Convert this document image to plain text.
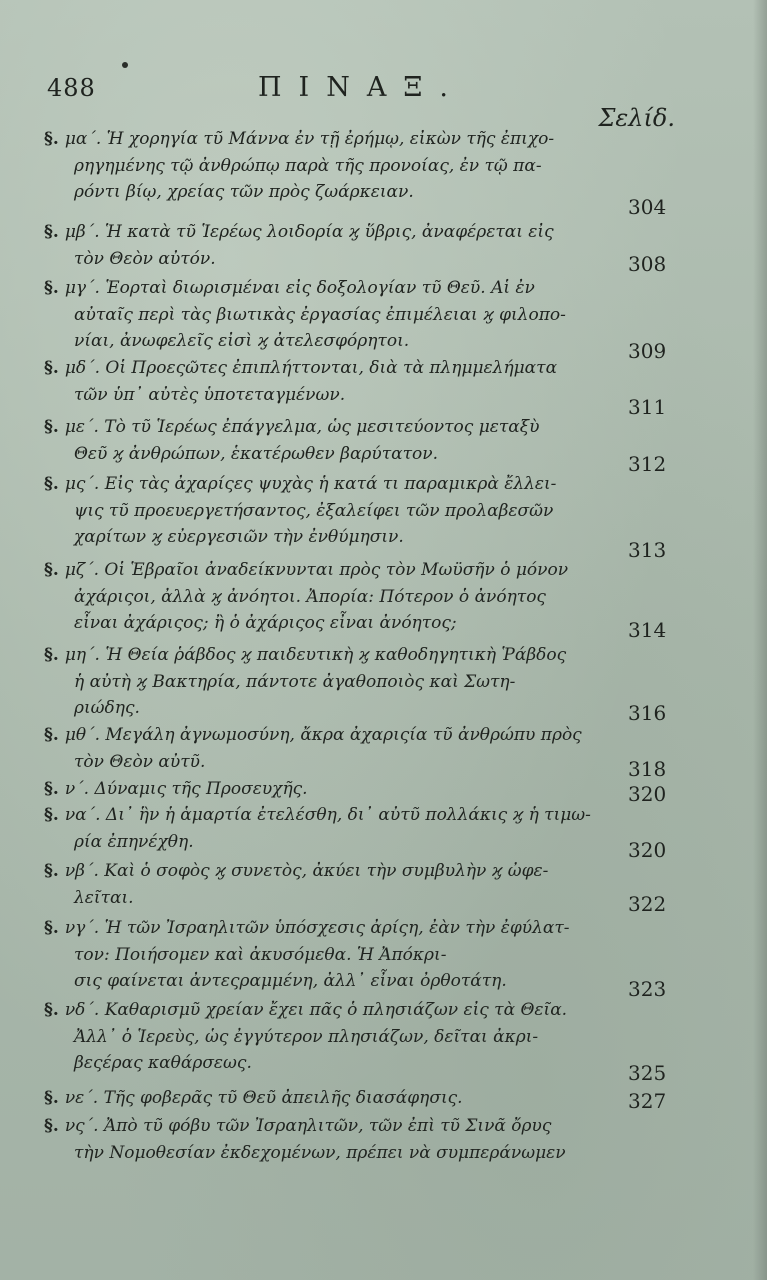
488	ΠΙΝΑΞ.
Σελίδ.
§. μα΄. Ἡ χορηγία τῦ Μάννα ἐν τῇ ἐρήμῳ, εἰκὼν τῆς ἐπιχο-
ρηγημένης τῷ ἀνθρώπῳ παρὰ τῆς προνοίας, ἐν τῷ πα-
ρόντι βίῳ, χρείας τῶν πρὸς ζωάρκειαν.
304
§. μβ΄. Ἡ κατὰ τῦ Ἱερέως λοιδορία ϗ ὕβρις, ἀναφέρεται εἰς
τὸν Θεὸν αὐτόν.	308
§. μγ΄. Ἑορταὶ διωρισμέναι εἰς δοξολογίαν τῦ Θεῦ. Αἱ ἐν
αὐταῖς περὶ τὰς βιωτικὰς ἐργασίας ἐπιμέλειαι ϗ φιλοπο-
νίαι, ἀνωφελεῖς εἰσὶ ϗ ἀτελεσφόρητοι.	309
§. μδ΄. Οἱ Προεςῶτες ἐπιπλήττονται, διὰ τὰ πλημμελήματα
τῶν ὑπ᾽ αὐτὲς ὑποτεταγμένων.
311
§. με΄. Τὸ τῦ Ἱερέως ἐπάγγελμα, ὡς μεσιτεύοντος μεταξὺ
Θεῦ ϗ ἀνθρώπων, ἑκατέρωθεν βαρύτατον.	312
§. μς΄. Εἰς τὰς ἀχαρίςες ψυχὰς ἡ κατά τι παραμικρὰ ἔλλει-
ψις τῦ προευεργετήσαντος, ἐξαλείφει τῶν προλαβεσῶν
χαρίτων ϗ εὐεργεσιῶν τὴν ἐνθύμησιν.
313
§. μζ΄. Οἱ Ἑβραῖοι ἀναδείκνυνται πρὸς τὸν Μωϋσῆν ὁ μόνον
ἀχάριςοι, ἀλλὰ ϗ ἀνόητοι. Ἀπορία: Πότερον ὁ ἀνόητος
εἶναι ἀχάριςος; ἢ ὁ ἀχάριςος εἶναι ἀνόητος;	314
§. μη΄. Ἡ Θεία ῥάβδος ϗ παιδευτικὴ ϗ καθοδηγητικὴ Ῥάβδος
ἡ αὐτὴ ϗ Βακτηρία, πάντοτε ἀγαθοποιὸς καὶ Σωτη-
ριώδης.	316
§. μθ΄. Μεγάλη ἀγνωμοσύνη, ἄκρα ἀχαριςία τῦ ἀνθρώπυ πρὸς
τὸν Θεὸν αὐτῦ.	318
§. ν΄. Δύναμις τῆς Προσευχῆς.	320
§. να΄. Δι᾽ ἣν ἡ ἁμαρτία ἐτελέσθη, δι᾽ αὐτῦ πολλάκις ϗ ἡ τιμω-
ρία ἐπηνέχθη.	320
§. νβ΄. Καὶ ὁ σοφὸς ϗ συνετὸς, ἀκύει τὴν συμβυλὴν ϗ ὠφε-
λεῖται.	322
§. νγ΄. Ἡ τῶν Ἰσραηλιτῶν ὑπόσχεσις ἀρίςη, ἐὰν τὴν ἐφύλατ-
τον: Ποιήσομεν καὶ ἀκυσόμεθα. Ἡ Ἀπόκρι-
σις φαίνεται ἀντεςραμμένη, ἀλλ᾽ εἶναι ὀρθοτάτη.	323
§. νδ΄. Καθαρισμῦ χρείαν ἔχει πᾶς ὁ πλησιάζων εἰς τὰ Θεῖα.
Ἀλλ᾽ ὁ Ἱερεὺς, ὡς ἐγγύτερον πλησιάζων, δεῖται ἀκρι-
βεςέρας καθάρσεως.	325
§. νε΄. Τῆς φοβερᾶς τῦ Θεῦ ἀπειλῆς διασάφησις.	327
§. νς΄. Ἀπὸ τῦ φόβυ τῶν Ἰσραηλιτῶν, τῶν ἐπὶ τῦ Σινᾶ ὄρυς
τὴν Νομοθεσίαν ἐκδεχομένων, πρέπει νὰ συμπεράνωμεν
